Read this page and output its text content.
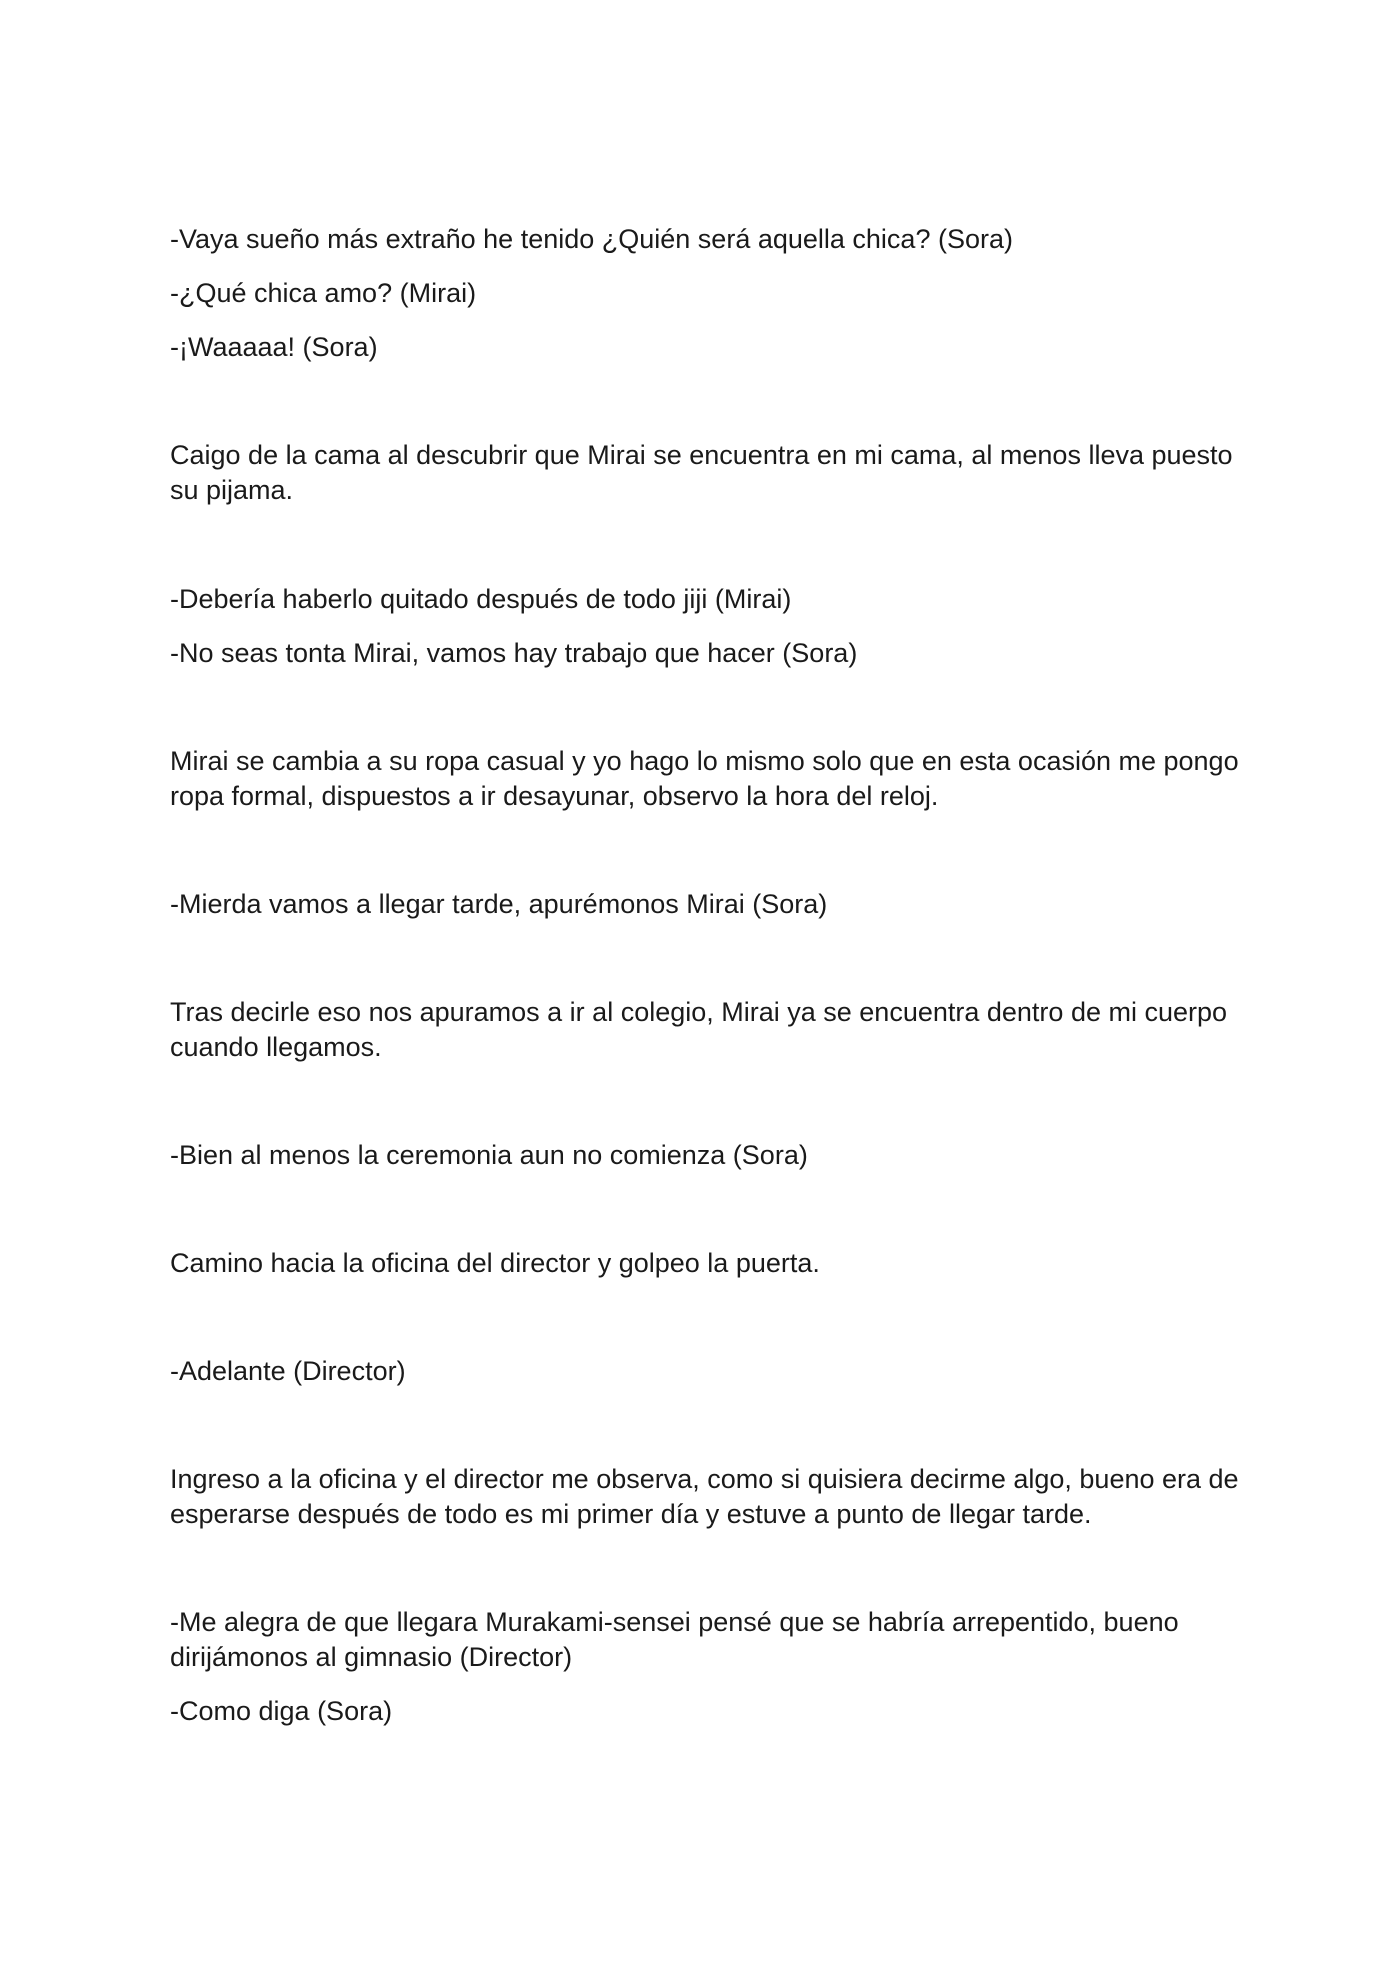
-Vaya sueño más extraño he tenido ¿Quién será aquella chica? (Sora)

-¿Qué chica amo? (Mirai)

-¡Waaaaa! (Sora)

Caigo de la cama al descubrir que Mirai se encuentra en mi cama, al menos lleva puesto su pijama.

-Debería haberlo quitado después de todo jiji (Mirai)

-No seas tonta Mirai, vamos hay trabajo que hacer (Sora)

Mirai se cambia a su ropa casual y yo hago lo mismo solo que en esta ocasión me pongo ropa formal, dispuestos a ir desayunar, observo la hora del reloj.

-Mierda vamos a llegar tarde, apurémonos Mirai (Sora)

Tras decirle eso nos apuramos a ir al colegio, Mirai ya se encuentra dentro de mi cuerpo cuando llegamos.

-Bien al menos la ceremonia aun no comienza (Sora)

Camino hacia la oficina del director y golpeo la puerta.

-Adelante (Director)

Ingreso a la oficina y el director me observa, como si quisiera decirme algo, bueno era de esperarse después de todo es mi primer día y estuve a punto de llegar tarde.

-Me alegra de que llegara Murakami-sensei pensé que se habría arrepentido, bueno dirijámonos al gimnasio (Director)

-Como diga (Sora)
